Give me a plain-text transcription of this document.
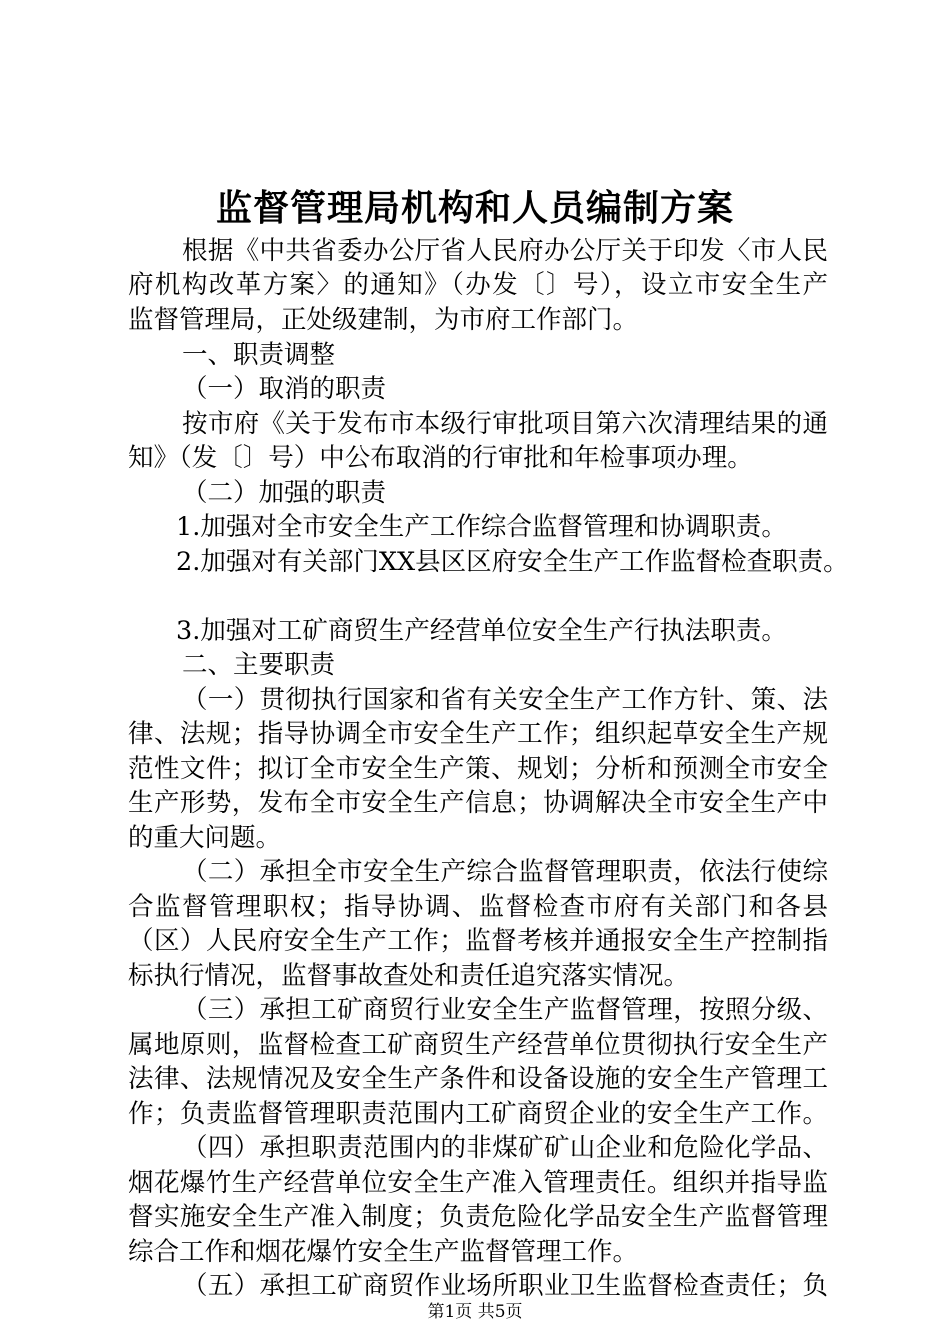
监督管理局机构和人员编制方案
根据《中共省委办公厅省人民府办公厅关于印发〈市人民
府机构改革方案〉的通知》（办发〔〕号），设立市安全生产
监督管理局，正处级建制，为市府工作部门。
一、职责调整
（一）取消的职责
按市府《关于发布市本级行审批项目第六次清理结果的通
知》（发〔〕号）中公布取消的行审批和年检事项办理。
（二）加强的职责
1.加强对全市安全生产工作综合监督管理和协调职责。
2.加强对有关部门XX县区区府安全生产工作监督检查职责。
3.加强对工矿商贸生产经营单位安全生产行执法职责。
二、主要职责
（一）贯彻执行国家和省有关安全生产工作方针、策、法
律、法规；指导协调全市安全生产工作；组织起草安全生产规
范性文件；拟订全市安全生产策、规划；分析和预测全市安全
生产形势，发布全市安全生产信息；协调解决全市安全生产中
的重大问题。
（二）承担全市安全生产综合监督管理职责，依法行使综
合监督管理职权；指导协调、监督检查市府有关部门和各县
（区）人民府安全生产工作；监督考核并通报安全生产控制指
标执行情况，监督事故查处和责任追究落实情况。
（三）承担工矿商贸行业安全生产监督管理，按照分级、
属地原则，监督检查工矿商贸生产经营单位贯彻执行安全生产
法律、法规情况及安全生产条件和设备设施的安全生产管理工
作；负责监督管理职责范围内工矿商贸企业的安全生产工作。
（四）承担职责范围内的非煤矿矿山企业和危险化学品、
烟花爆竹生产经营单位安全生产准入管理责任。组织并指导监
督实施安全生产准入制度；负责危险化学品安全生产监督管理
综合工作和烟花爆竹安全生产监督管理工作。
（五）承担工矿商贸作业场所职业卫生监督检查责任；负
第1页 共5页
